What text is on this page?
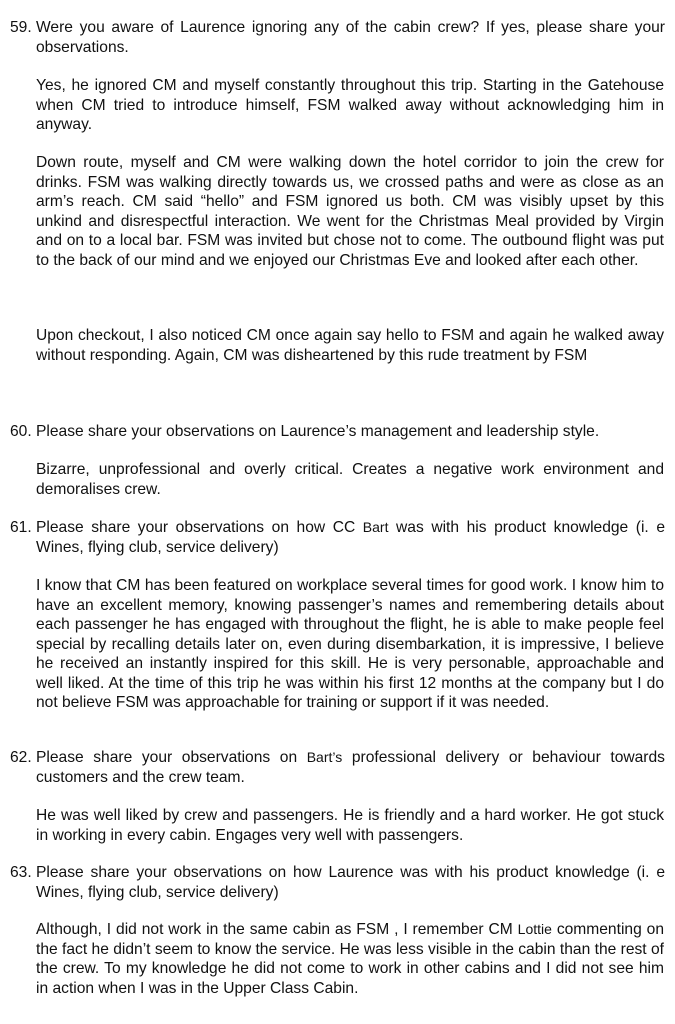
59. Were you aware of Laurence ignoring any of the cabin crew? If yes, please share your observations.

Yes, he ignored CM and myself constantly throughout this trip. Starting in the Gatehouse when CM tried to introduce himself, FSM walked away without acknowledging him in anyway.

Down route, myself and CM were walking down the hotel corridor to join the crew for drinks. FSM was walking directly towards us, we crossed paths and were as close as an arm’s reach. CM said “hello” and FSM ignored us both. CM was visibly upset by this unkind and disrespectful interaction. We went for the Christmas Meal provided by Virgin and on to a local bar. FSM was invited but chose not to come. The outbound flight was put to the back of our mind and we enjoyed our Christmas Eve and looked after each other.

Upon checkout, I also noticed CM once again say hello to FSM and again he walked away without responding. Again, CM was disheartened by this rude treatment by FSM

60. Please share your observations on Laurence’s management and leadership style.

Bizarre, unprofessional and overly critical. Creates a negative work environment and demoralises crew.

61. Please share your observations on how CC Bart was with his product knowledge (i. e Wines, flying club, service delivery)

I know that CM has been featured on workplace several times for good work. I know him to have an excellent memory, knowing passenger’s names and remembering details about each passenger he has engaged with throughout the flight, he is able to make people feel special by recalling details later on, even during disembarkation, it is impressive, I believe he received an instantly inspired for this skill. He is very personable, approachable and well liked. At the time of this trip he was within his first 12 months at the company but I do not believe FSM was approachable for training or support if it was needed.

62. Please share your observations on Bart’s professional delivery or behaviour towards customers and the crew team.

He was well liked by crew and passengers. He is friendly and a hard worker. He got stuck in working in every cabin. Engages very well with passengers.

63. Please share your observations on how Laurence was with his product knowledge (i. e Wines, flying club, service delivery)

Although, I did not work in the same cabin as FSM , I remember CM Lottie commenting on the fact he didn’t seem to know the service. He was less visible in the cabin than the rest of the crew. To my knowledge he did not come to work in other cabins and I did not see him in action when I was in the Upper Class Cabin.
